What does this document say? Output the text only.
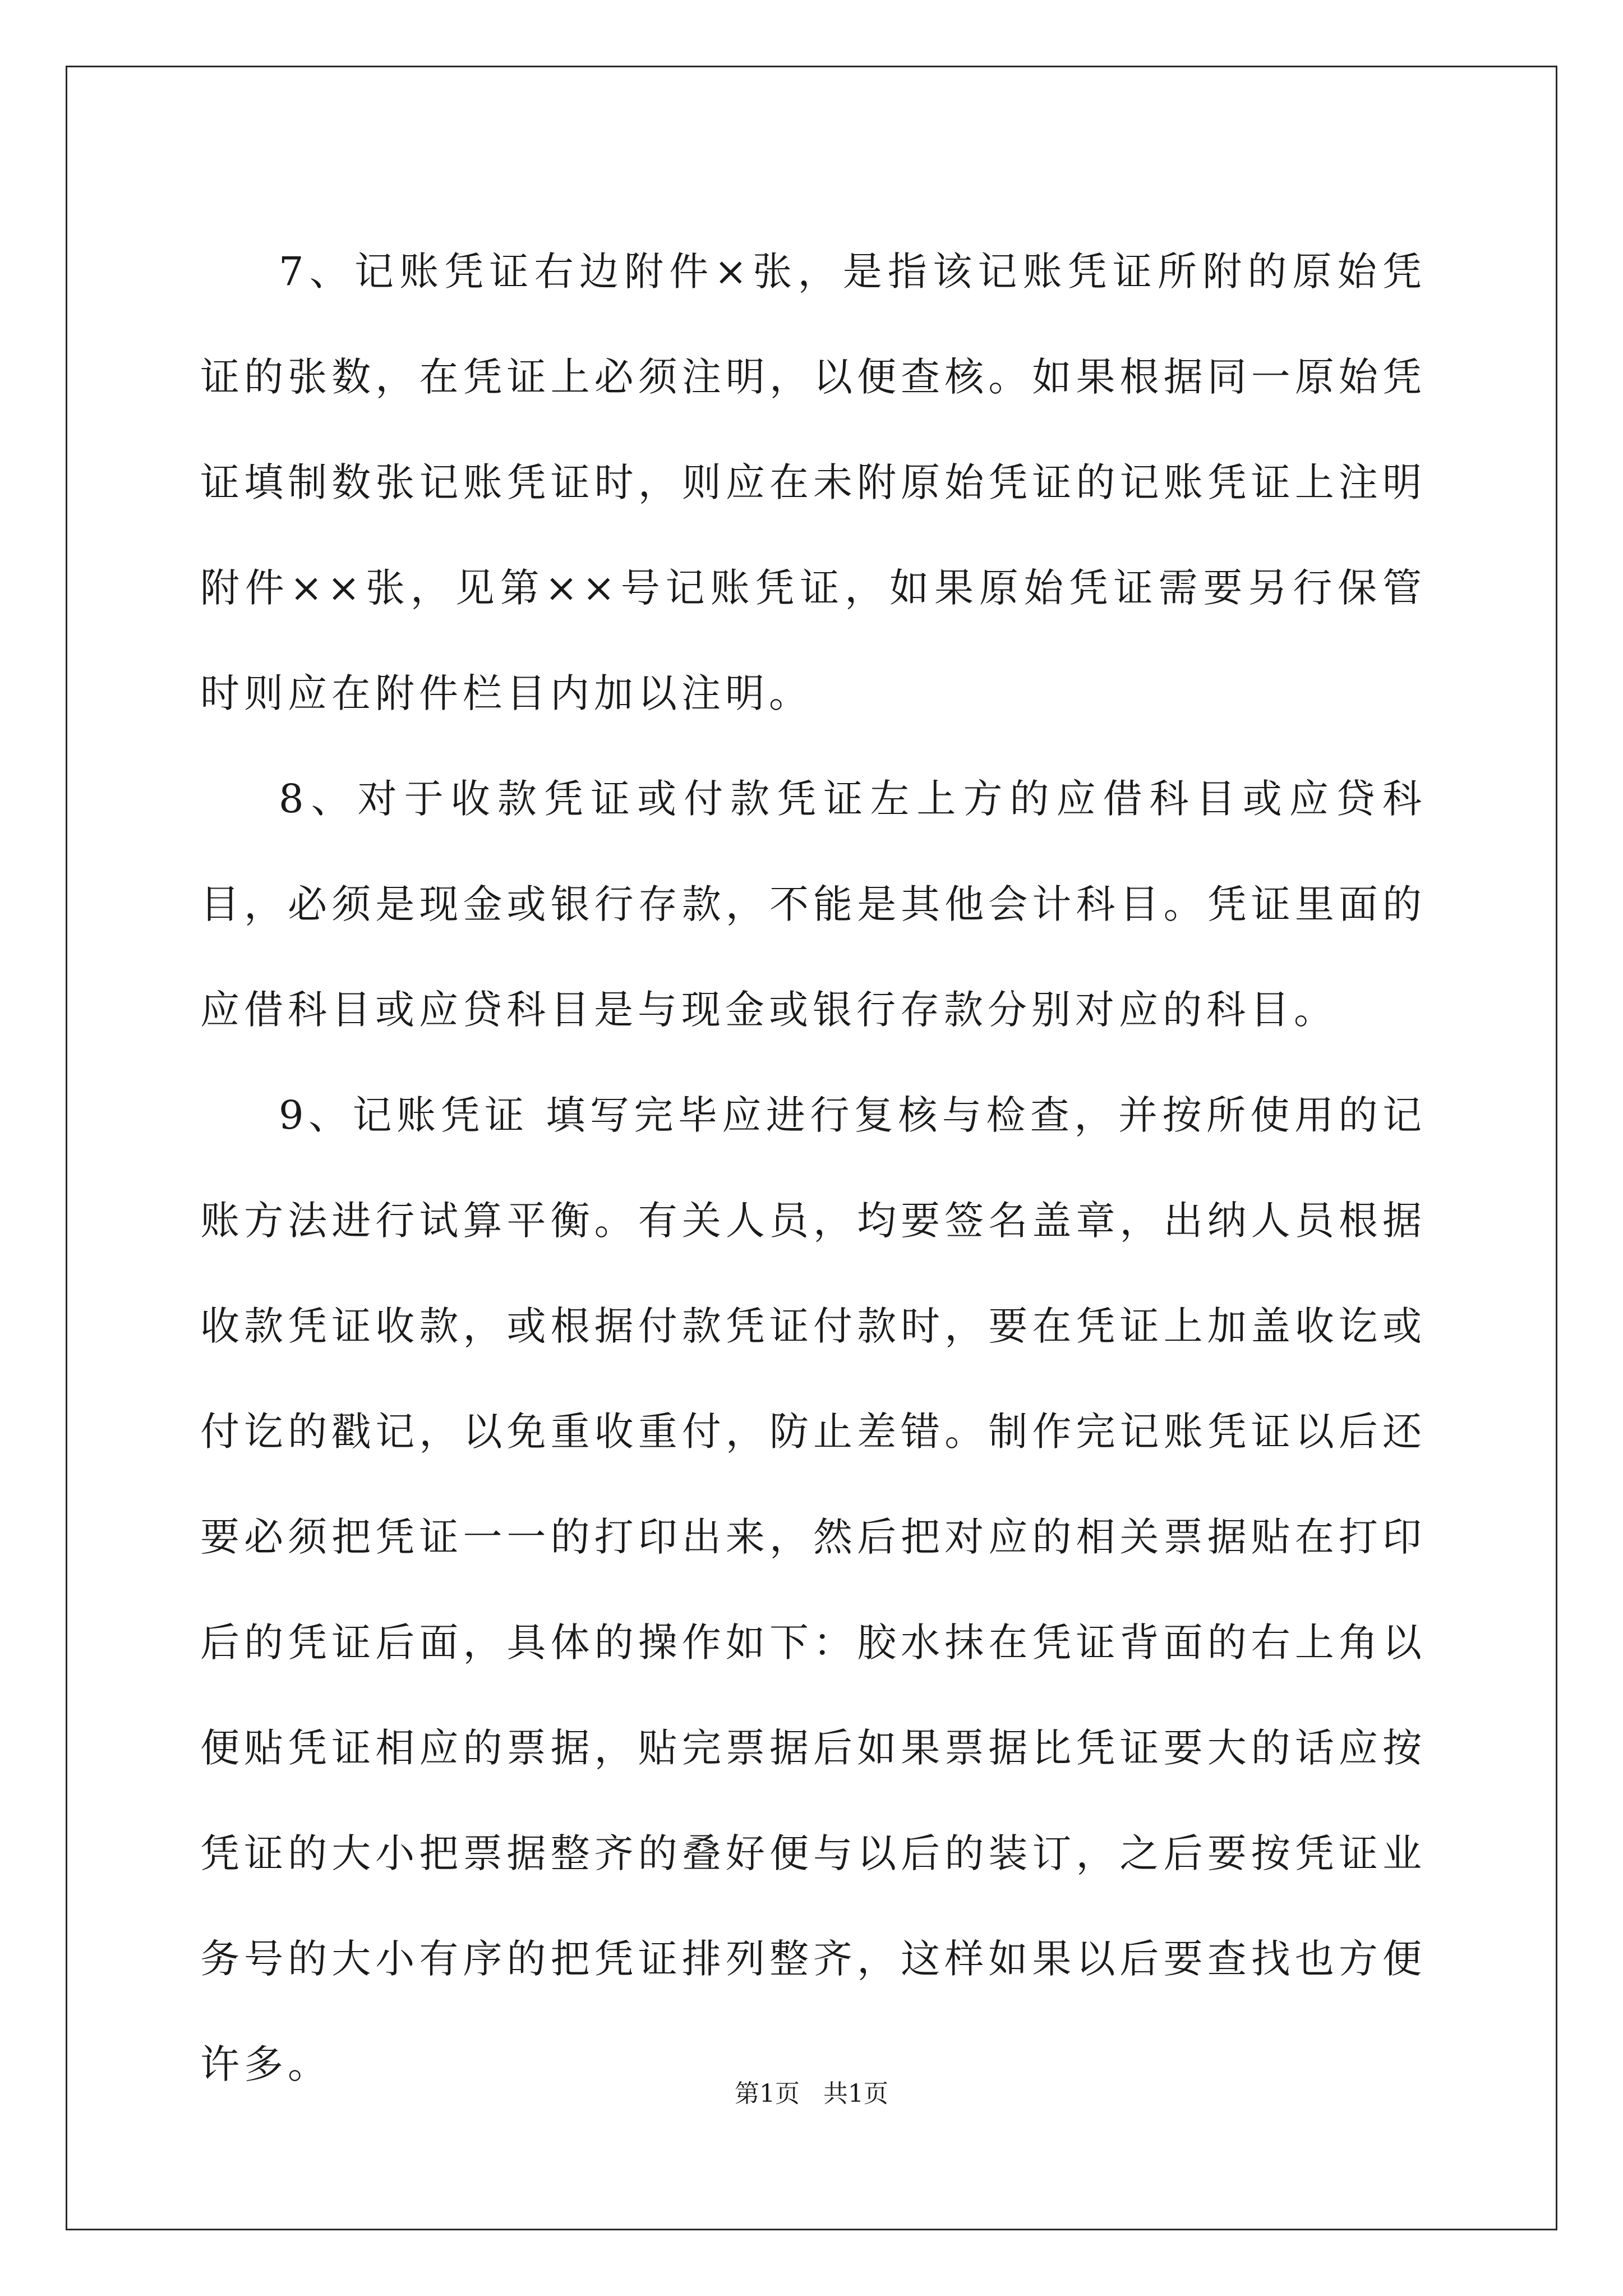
7、记账凭证右边附件×张，是指该记账凭证所附的原始凭证的张数，在凭证上必须注明，以便查核。如果根据同一原始凭证填制数张记账凭证时，则应在未附原始凭证的记账凭证上注明附件××张，见第××号记账凭证，如果原始凭证需要另行保管时则应在附件栏目内加以注明。

8、对于收款凭证或付款凭证左上方的应借科目或应贷科目，必须是现金或银行存款，不能是其他会计科目。凭证里面的应借科目或应贷科目是与现金或银行存款分别对应的科目。

9、记账凭证 填写完毕应进行复核与检查，并按所使用的记账方法进行试算平衡。有关人员，均要签名盖章，出纳人员根据收款凭证收款，或根据付款凭证付款时，要在凭证上加盖收讫或付讫的戳记，以免重收重付，防止差错。制作完记账凭证以后还要必须把凭证一一的打印出来，然后把对应的相关票据贴在打印后的凭证后面，具体的操作如下：胶水抹在凭证背面的右上角以便贴凭证相应的票据，贴完票据后如果票据比凭证要大的话应按凭证的大小把票据整齐的叠好便与以后的装订，之后要按凭证业务号的大小有序的把凭证排列整齐，这样如果以后要查找也方便许多。

第1页 共1页
